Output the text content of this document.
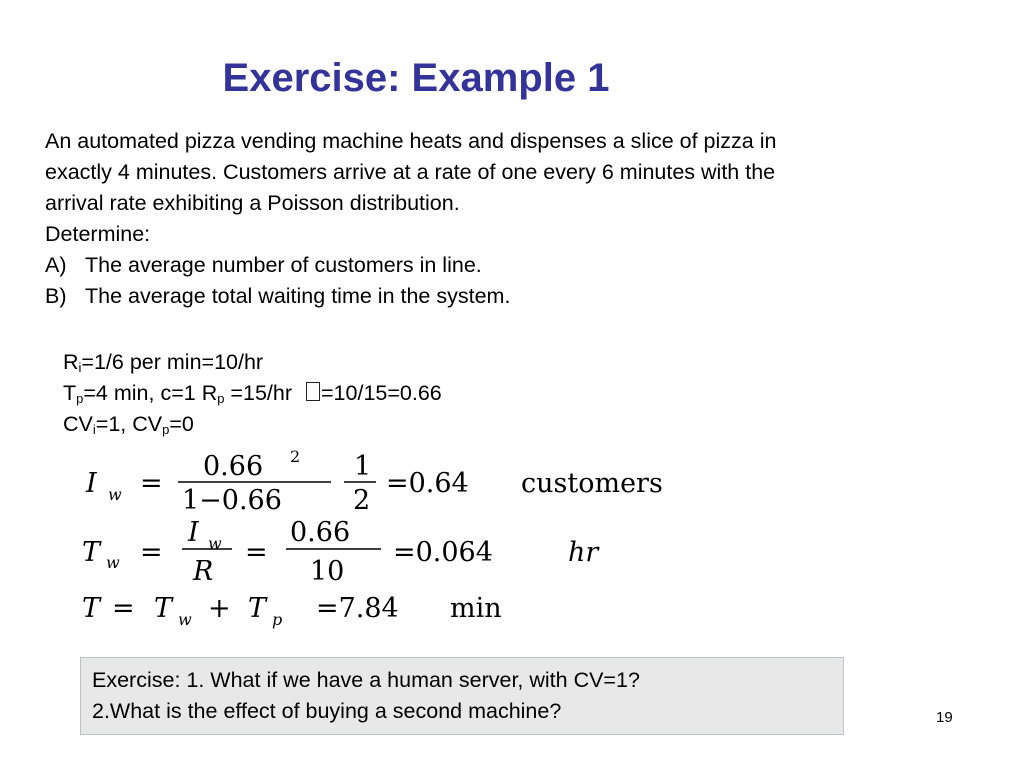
Exercise: Example 1
An automated pizza vending machine heats and dispenses a slice of pizza in
exactly 4 minutes. Customers arrive at a rate of one every 6 minutes with the
arrival rate exhibiting a Poisson distribution.
Determine:
A) The average number of customers in line.
B) The average total waiting time in the system.
$R_i=1/6$ per min=10/hr
$T_p=4$ min, c=1 $R_p =15/hr =10/15=0.66$
$CV_i=1$, $CV_p=0$
I w =
0.66 2
1−0.66
1
2
=0.64 customers
T w =
I w
R
=
0.66
10
=0.064	hr
T = T w + T p =7.84 min
Exercise: 1. What if we have a human server, with CV=1?
2.What is the effect of buying a second machine?	19
